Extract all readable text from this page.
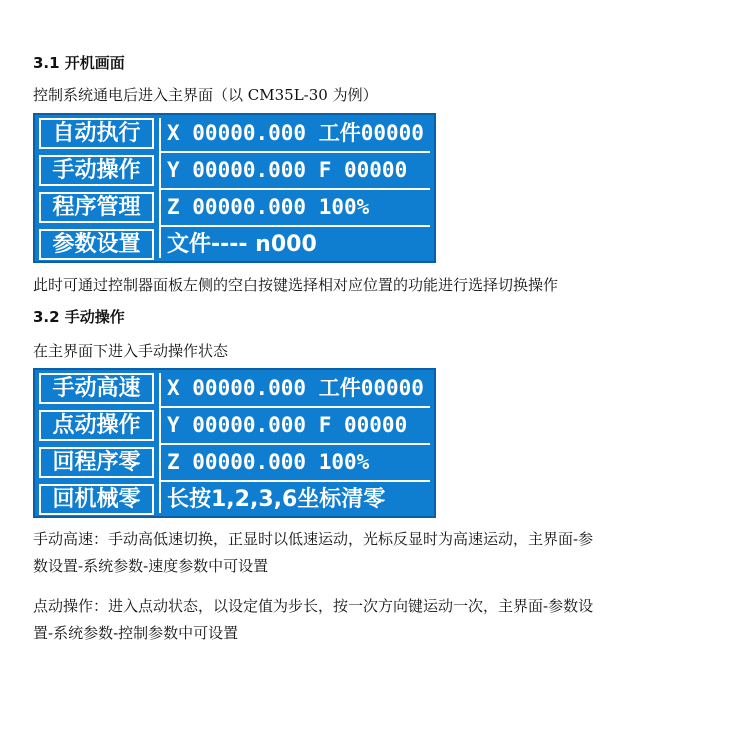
3.1 开机画面
控制系统通电后进入主界面（以 CM35L-30 为例）
自动执行	X 00000.000 工件00000
手动操作	Y 00000.000 F 00000
程序管理	Z 00000.000 100%
参数设置	文件---- n000
此时可通过控制器面板左侧的空白按键选择相对应位置的功能进行选择切换操作
3.2 手动操作
在主界面下进入手动操作状态
手动高速	X 00000.000 工件00000
点动操作	Y 00000.000 F 00000
回程序零	Z 00000.000 100%
回机械零	长按1,2,3,6坐标清零
手动高速：手动高低速切换，正显时以低速运动，光标反显时为高速运动，主界面-参
数设置-系统参数-速度参数中可设置
点动操作：进入点动状态，以设定值为步长，按一次方向键运动一次，主界面-参数设
置-系统参数-控制参数中可设置
